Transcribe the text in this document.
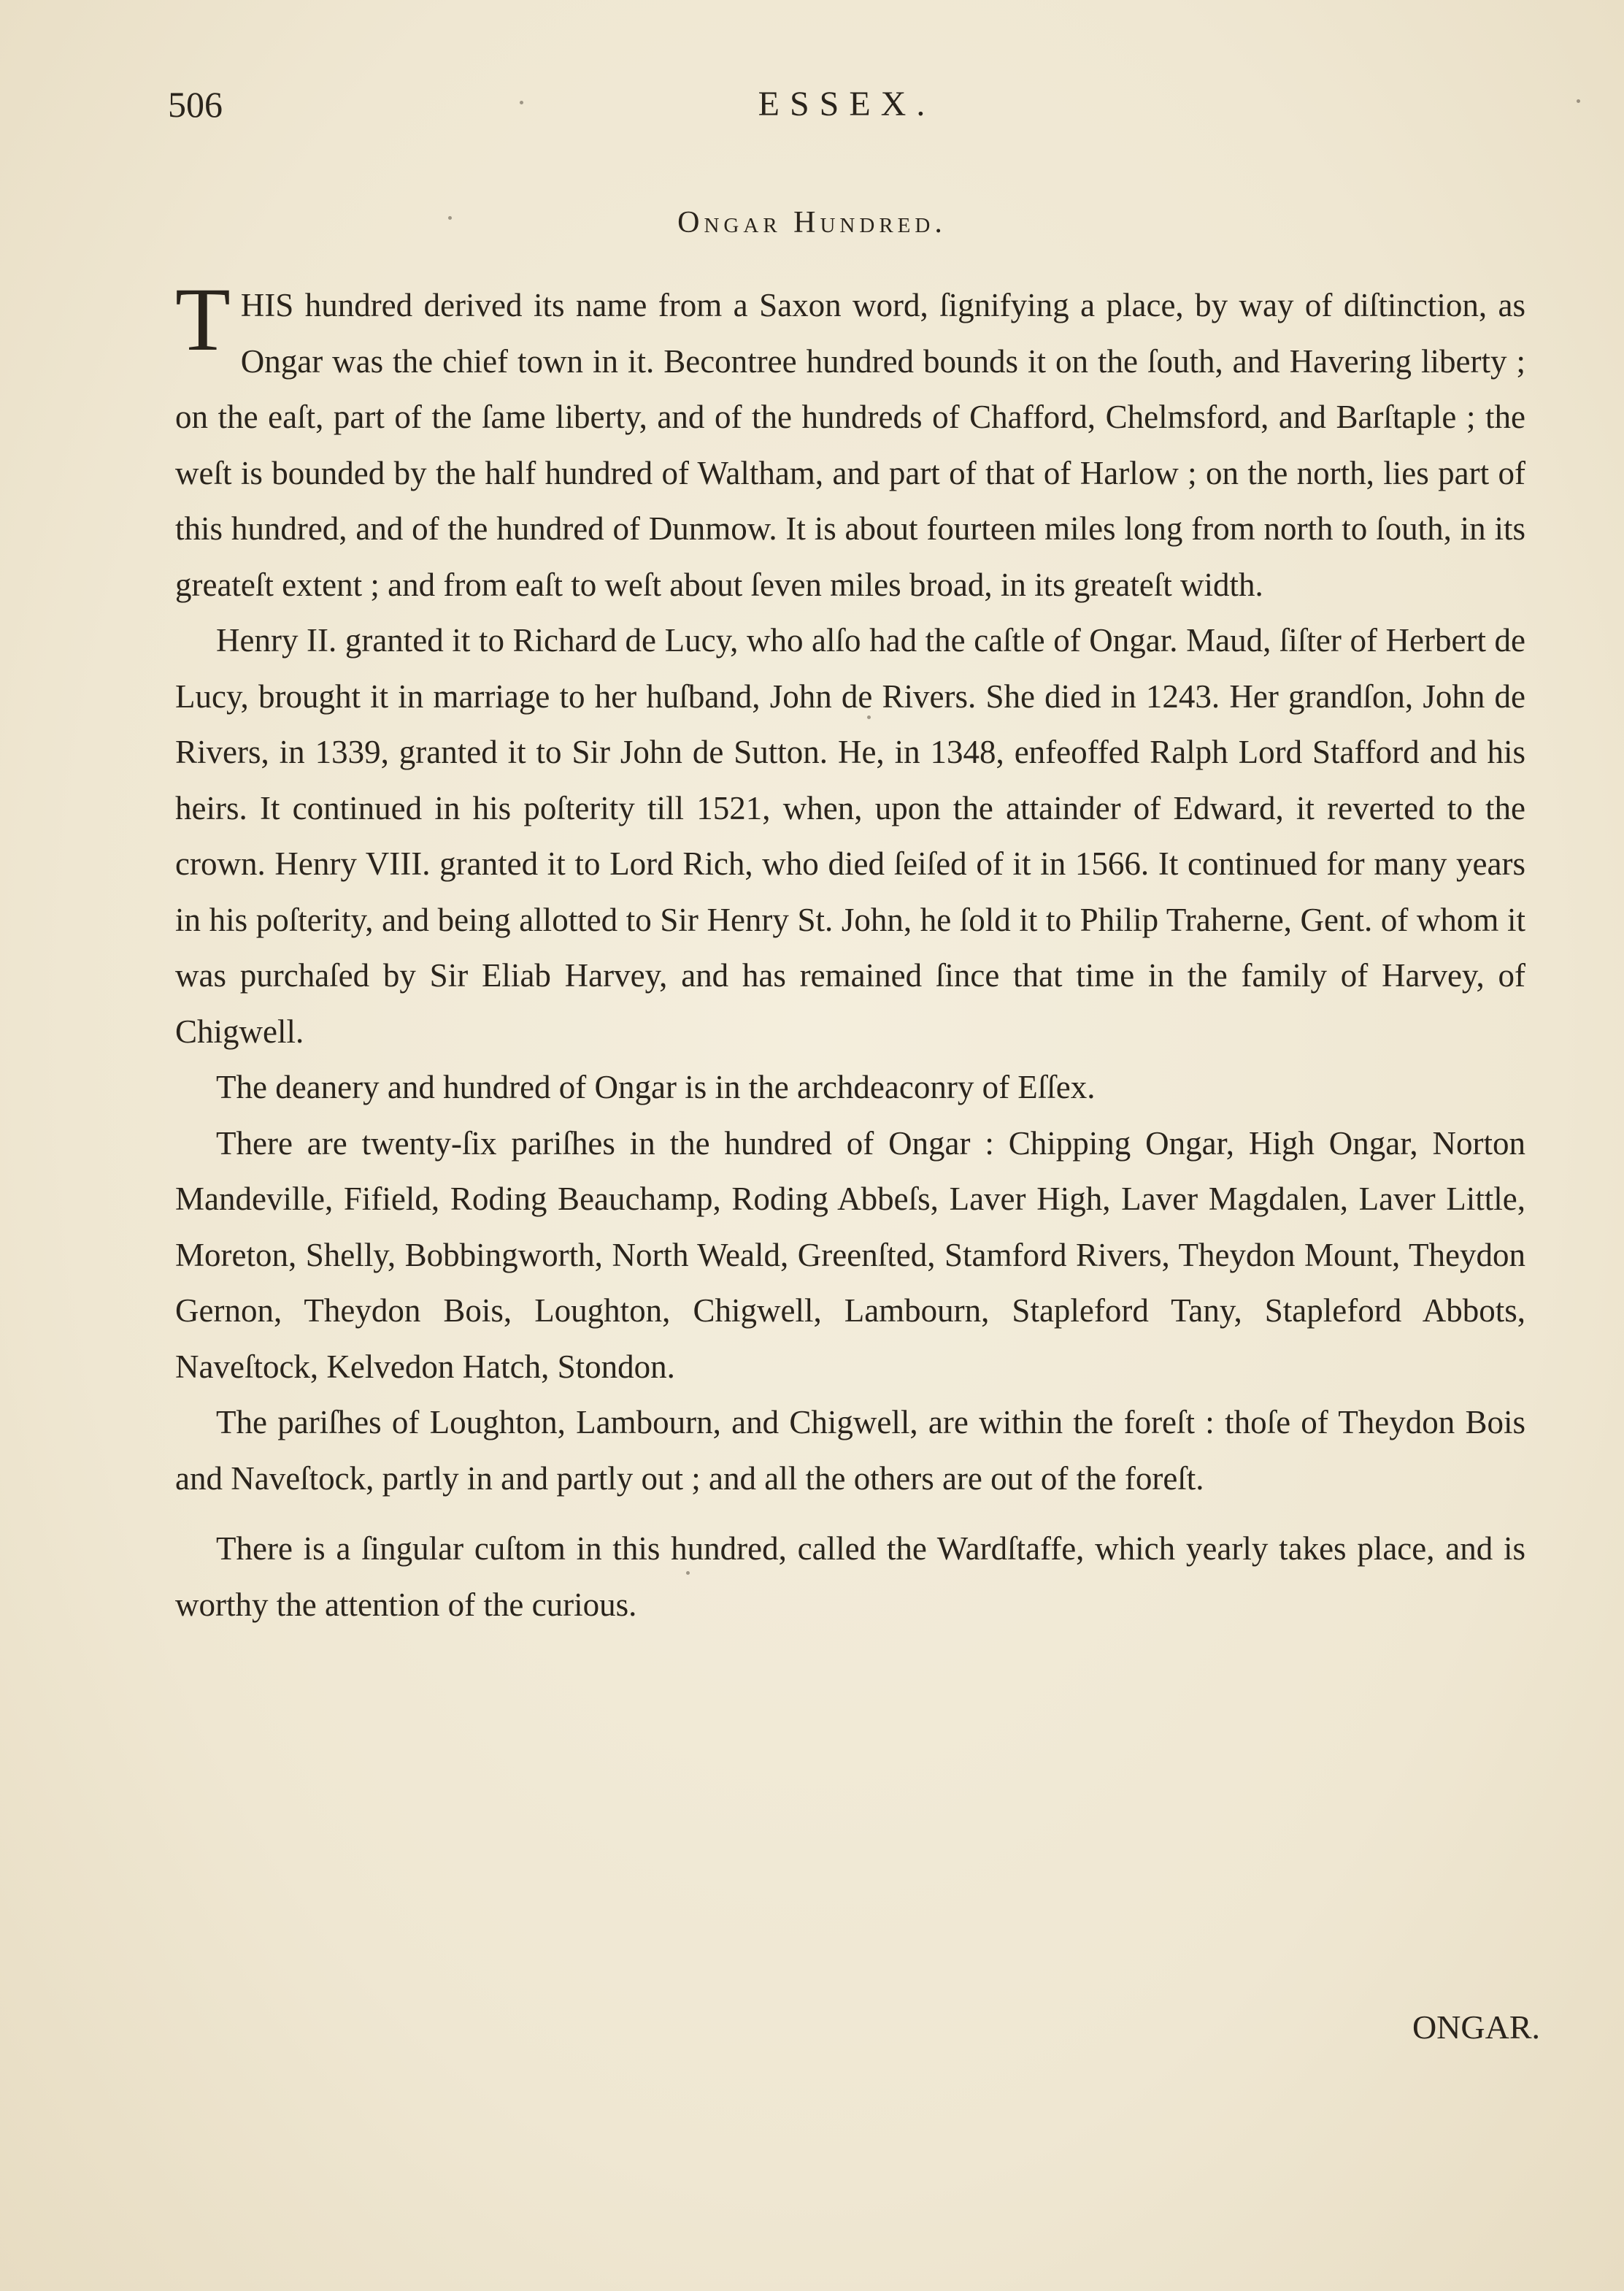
506	ESSEX.
Ongar Hundred.

THIS hundred derived its name from a Saxon word, ſignifying a place, by way of diſtinction, as Ongar was the chief town in it. Becontree hundred bounds it on the ſouth, and Havering liberty ; on the eaſt, part of the ſame liberty, and of the hundreds of Chafford, Chelmsford, and Barſtaple ; the weſt is bounded by the half hundred of Waltham, and part of that of Harlow ; on the north, lies part of this hundred, and of the hundred of Dunmow. It is about fourteen miles long from north to ſouth, in its greateſt extent ; and from eaſt to weſt about ſeven miles broad, in its greateſt width.

Henry II. granted it to Richard de Lucy, who alſo had the caſtle of Ongar. Maud, ſiſter of Herbert de Lucy, brought it in marriage to her huſband, John de Rivers. She died in 1243. Her grandſon, John de Rivers, in 1339, granted it to Sir John de Sutton. He, in 1348, enfeoffed Ralph Lord Stafford and his heirs. It continued in his poſterity till 1521, when, upon the attainder of Edward, it reverted to the crown. Henry VIII. granted it to Lord Rich, who died ſeiſed of it in 1566. It continued for many years in his poſterity, and being allotted to Sir Henry St. John, he ſold it to Philip Traherne, Gent. of whom it was purchaſed by Sir Eliab Harvey, and has remained ſince that time in the family of Harvey, of Chigwell.

The deanery and hundred of Ongar is in the archdeaconry of Eſſex.

There are twenty-ſix pariſhes in the hundred of Ongar : Chipping Ongar, High Ongar, Norton Mandeville, Fifield, Roding Beauchamp, Roding Abbeſs, Laver High, Laver Magdalen, Laver Little, Moreton, Shelly, Bobbingworth, North Weald, Greenſted, Stamford Rivers, Theydon Mount, Theydon Gernon, Theydon Bois, Loughton, Chigwell, Lambourn, Stapleford Tany, Stapleford Abbots, Naveſtock, Kelvedon Hatch, Stondon.

The pariſhes of Loughton, Lambourn, and Chigwell, are within the foreſt : thoſe of Theydon Bois and Naveſtock, partly in and partly out ; and all the others are out of the foreſt.

There is a ſingular cuſtom in this hundred, called the Wardſtaffe, which yearly takes place, and is worthy the attention of the curious.

ONGAR.
